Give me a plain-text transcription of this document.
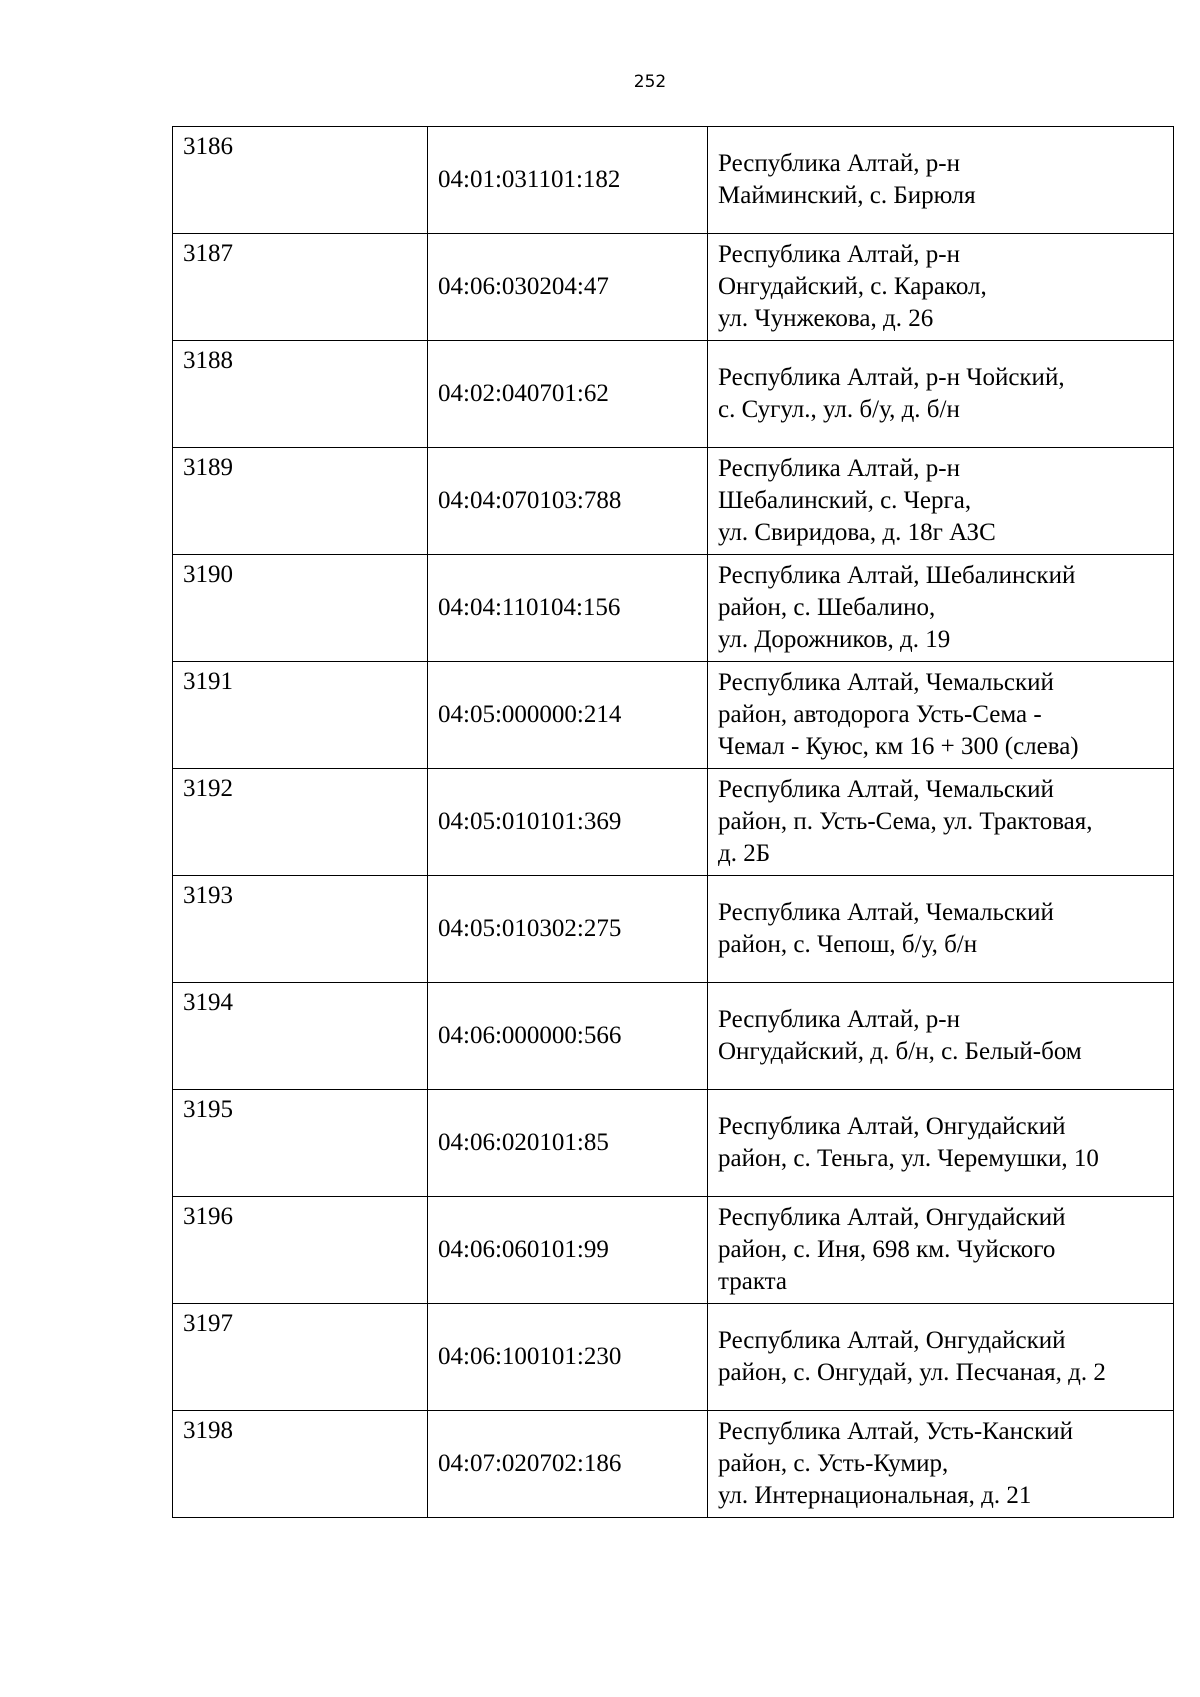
252
3186	04:01:031101:182	Республика Алтай, р-н
Майминский, с. Бирюля

3187	04:06:030204:47	Республика Алтай, р-н
Онгудайский, с. Каракол,
ул. Чунжекова, д. 26

3188	04:02:040701:62	Республика Алтай, р-н Чойский,
с. Сугул., ул. б/у, д. б/н

3189	04:04:070103:788	Республика Алтай, р-н
Шебалинский, с. Черга,
ул. Свиридова, д. 18г АЗС

3190	04:04:110104:156	Республика Алтай, Шебалинский
район, с. Шебалино,
ул. Дорожников, д. 19

3191	04:05:000000:214	Республика Алтай, Чемальский
район, автодорога Усть-Сема -
Чемал - Куюс, км 16 + 300 (слева)

3192	04:05:010101:369	Республика Алтай, Чемальский
район, п. Усть-Сема, ул. Трактовая,
д. 2Б

3193	04:05:010302:275	Республика Алтай, Чемальский
район, с. Чепош, б/у, б/н

3194	04:06:000000:566	Республика Алтай, р-н
Онгудайский, д. б/н, с. Белый-бом

3195	04:06:020101:85	Республика Алтай, Онгудайский
район, с. Теньга, ул. Черемушки, 10

3196	04:06:060101:99	Республика Алтай, Онгудайский
район, с. Иня, 698 км. Чуйского
тракта

3197	04:06:100101:230	Республика Алтай, Онгудайский
район, с. Онгудай, ул. Песчаная, д. 2

3198	04:07:020702:186	Республика Алтай, Усть-Канский
район, с. Усть-Кумир,
ул. Интернациональная, д. 21
